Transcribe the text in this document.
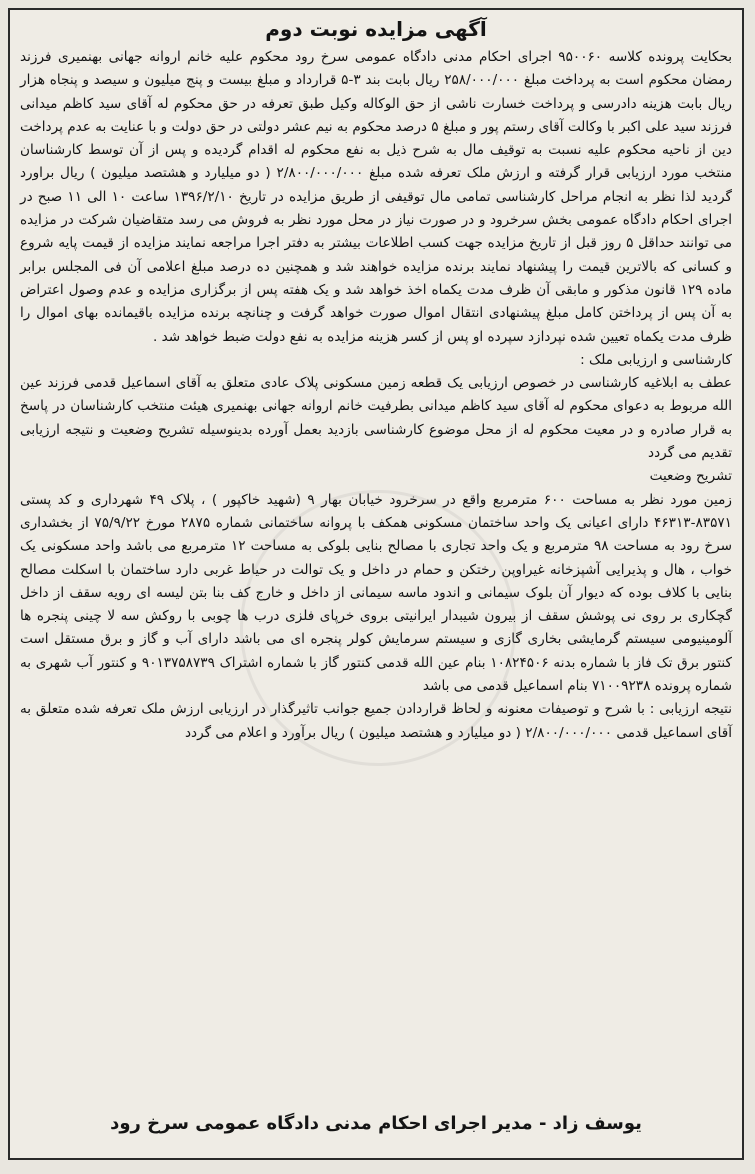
آگهی مزایده نوبت دوم

بحکایت پرونده کلاسه ۹۵۰۰۶۰ اجرای احکام مدنی دادگاه عمومی سرخ رود محکوم علیه خانم اروانه جهانی بهنمیری فرزند رمضان محکوم است به پرداخت مبلغ ۲۵۸/۰۰۰/۰۰۰ ریال بابت بند ۳-۵ قرارداد و مبلغ بیست و پنج میلیون و سیصد و پنجاه هزار ریال بابت هزینه دادرسی و پرداخت خسارت ناشی از حق الوکاله وکیل طبق تعرفه در حق محکوم له آقای سید کاظم میدانی فرزند سید علی اکبر با وکالت آقای رستم پور و مبلغ ۵ درصد محکوم به نیم عشر دولتی در حق دولت و با عنایت به عدم پرداخت دین از ناحیه محکوم علیه نسبت به توقیف مال به شرح ذیل به نفع محکوم له اقدام گردیده و پس از آن توسط کارشناسان منتخب مورد ارزیابی قرار گرفته و ارزش ملک تعرفه شده مبلغ ۲/۸۰۰/۰۰۰/۰۰۰ ( دو میلیارد و هشتصد میلیون ) ریال براورد گردید لذا نظر به انجام مراحل کارشناسی تمامی مال توقیفی از طریق مزایده در تاریخ ۱۳۹۶/۲/۱۰ ساعت ۱۰ الی ۱۱ صبح در اجرای احکام دادگاه عمومی بخش سرخرود و در صورت نیاز در محل مورد نظر به فروش می رسد متقاضیان شرکت در مزایده می توانند حداقل ۵ روز قبل از تاریخ مزایده جهت کسب اطلاعات بیشتر به دفتر اجرا مراجعه نمایند مزایده از قیمت پایه شروع و کسانی که بالاترین قیمت را پیشنهاد نمایند برنده مزایده خواهند شد و همچنین ده درصد مبلغ اعلامی آن فی المجلس برابر ماده ۱۲۹ قانون مذکور و مابقی آن ظرف مدت یکماه اخذ خواهد شد و یک هفته پس از برگزاری مزایده و عدم وصول اعتراض به آن پس از پرداختن کامل مبلغ پیشنهادی انتقال اموال صورت خواهد گرفت و چنانچه برنده مزایده باقیمانده بهای اموال را ظرف مدت یکماه تعیین شده نپردازد سپرده او پس از کسر هزینه مزایده به نفع دولت ضبط خواهد شد .

کارشناسی و ارزیابی ملک :

عطف به ابلاغیه کارشناسی در خصوص ارزیابی یک قطعه زمین مسکونی پلاک عادی متعلق به آقای اسماعیل قدمی فرزند عین الله مربوط به دعوای محکوم له آقای سید کاظم میدانی بطرفیت خانم اروانه جهانی بهنمیری هیئت منتخب کارشناسان در پاسخ به قرار صادره و در معیت محکوم له از محل موضوع کارشناسی بازدید بعمل آورده بدینوسیله تشریح وضعیت و نتیجه ارزیابی تقدیم می گردد

تشریح وضعیت

زمین مورد نظر به مساحت ۶۰۰ مترمربع واقع در سرخرود خیابان بهار ۹ (شهید خاکپور ) ، پلاک ۴۹ شهرداری و کد پستی ۸۳۵۷۱-۴۶۳۱۳ دارای اعیانی یک واحد ساختمان مسکونی همکف با پروانه ساختمانی شماره ۲۸۷۵ مورخ ۷۵/۹/۲۲ از بخشداری سرخ رود به مساحت ۹۸ مترمربع و یک واحد تجاری با مصالح بنایی بلوکی به مساحت ۱۲ مترمربع می باشد واحد مسکونی یک خواب ، هال و پذیرایی آشپزخانه غیراوپن رختکن و حمام در داخل و یک توالت در حیاط غربی دارد ساختمان با اسکلت مصالح بنایی با کلاف بوده که دیوار آن بلوک سیمانی و اندود ماسه سیمانی از داخل و خارج کف بنا بتن لیسه ای رویه سقف از داخل گچکاری بر روی نی پوشش سقف از بیرون شیبدار ایرانیتی بروی خرپای فلزی درب ها چوبی با روکش سه لا چینی پنجره ها آلومینیومی سیستم گرمایشی بخاری گازی و سیستم سرمایش کولر پنجره ای می باشد دارای آب و گاز و برق مستقل است کنتور برق تک فاز با شماره بدنه ۱۰۸۲۴۵۰۶ بنام عین الله قدمی کنتور گاز با شماره اشتراک ۹۰۱۳۷۵۸۷۳۹ و کنتور آب شهری به شماره پرونده ۷۱۰۰۹۲۳۸ بنام اسماعیل قدمی می باشد

نتیجه ارزیابی : با شرح و توصیفات معنونه و لحاظ قراردادن جمیع جوانب تاثیرگذار در ارزیابی ارزش ملک تعرفه شده متعلق به آقای اسماعیل قدمی ۲/۸۰۰/۰۰۰/۰۰۰ ( دو میلیارد و هشتصد میلیون ) ریال برآورد و اعلام می گردد

یوسف زاد - مدیر اجرای احکام مدنی دادگاه عمومی سرخ رود
